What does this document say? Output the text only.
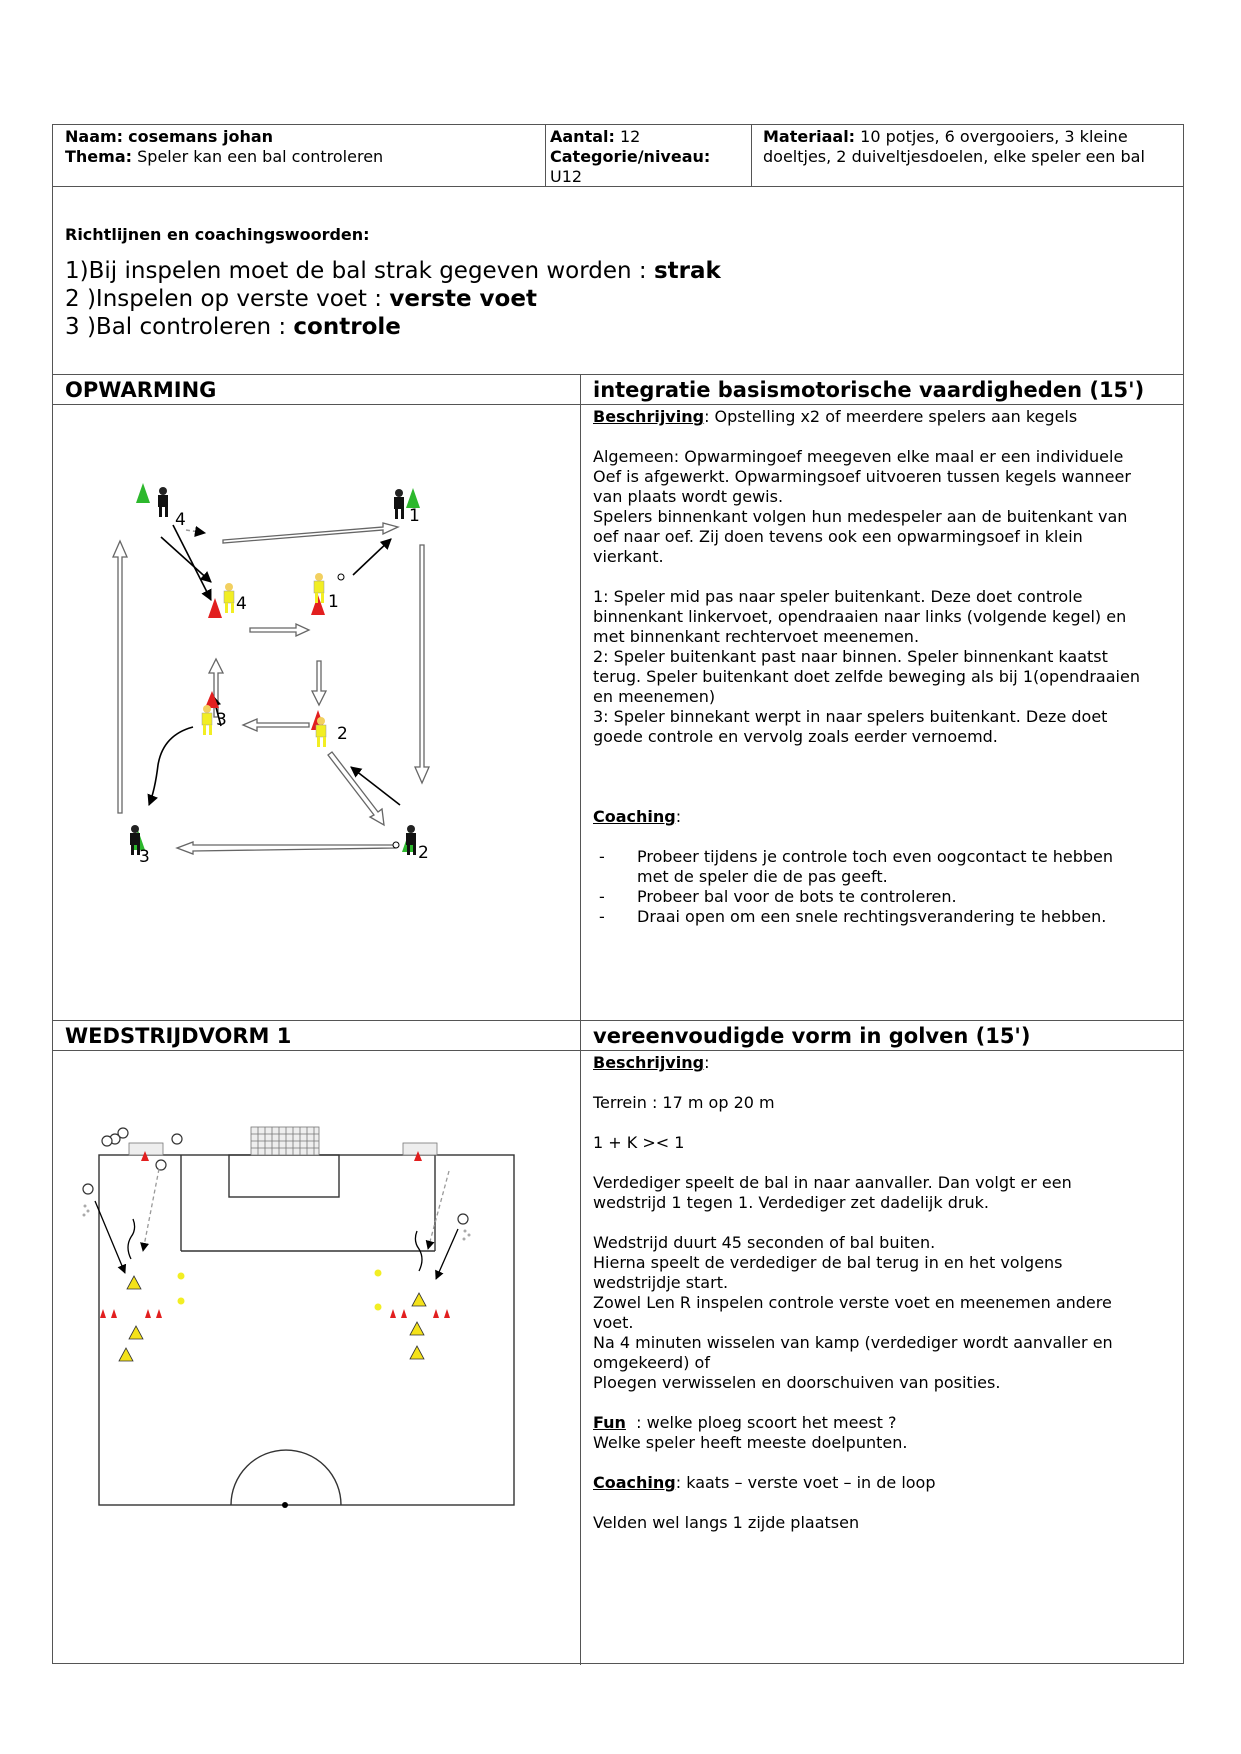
Naam: cosemans johan

Thema: Speler kan een bal controleren

Aantal: 12

Categorie/niveau:

U12

Materiaal: 10 potjes, 6 overgooiers, 3 kleine

doeltjes, 2 duiveltjesdoelen, elke speler een bal

Richtlijnen en coachingswoorden:

1)Bij inspelen moet de bal strak gegeven worden : strak

2 )Inspelen op verste voet : verste voet

3 )Bal controleren : controle

OPWARMING	integratie basismotorische vaardigheden (15')
4	1
3	2
4	1
2
3

Beschrijving: Opstelling x2 of meerdere spelers aan kegels

Algemeen: Opwarmingoef meegeven elke maal er een individuele

Oef is afgewerkt. Opwarmingsoef uitvoeren tussen kegels wanneer

van plaats wordt gewis.

Spelers binnenkant volgen hun medespeler aan de buitenkant van

oef naar oef. Zij doen tevens ook een opwarmingsoef in klein

vierkant.

1: Speler mid pas naar speler buitenkant. Deze doet controle

binnenkant linkervoet, opendraaien naar links (volgende kegel) en

met binnenkant rechtervoet meenemen.

2: Speler buitenkant past naar binnen. Speler binnenkant kaatst

terug. Speler buitenkant doet zelfde beweging als bij 1(opendraaien

en meenemen)

3: Speler binnekant werpt in naar spelers buitenkant. Deze doet

goede controle en vervolg zoals eerder vernoemd.

Coaching:

- Probeer tijdens je controle toch even oogcontact te hebben
met de speler die de pas geeft.
- Probeer bal voor de bots te controleren.
- Draai open om een snele rechtingsverandering te hebben.
WEDSTRIJDVORM 1	vereenvoudigde vorm in golven (15')

Beschrijving:

Terrein : 17 m op 20 m

1 + K >< 1

Verdediger speelt de bal in naar aanvaller. Dan volgt er een

wedstrijd 1 tegen 1. Verdediger zet dadelijk druk.

Wedstrijd duurt 45 seconden of bal buiten.

Hierna speelt de verdediger de bal terug in en het volgens

wedstrijdje start.

Zowel Len R inspelen controle verste voet en meenemen andere

voet.

Na 4 minuten wisselen van kamp (verdediger wordt aanvaller en

omgekeerd) of

Ploegen verwisselen en doorschuiven van posities.

Fun  : welke ploeg scoort het meest ?

Welke speler heeft meeste doelpunten.

Coaching: kaats – verste voet – in de loop

Velden wel langs 1 zijde plaatsen
